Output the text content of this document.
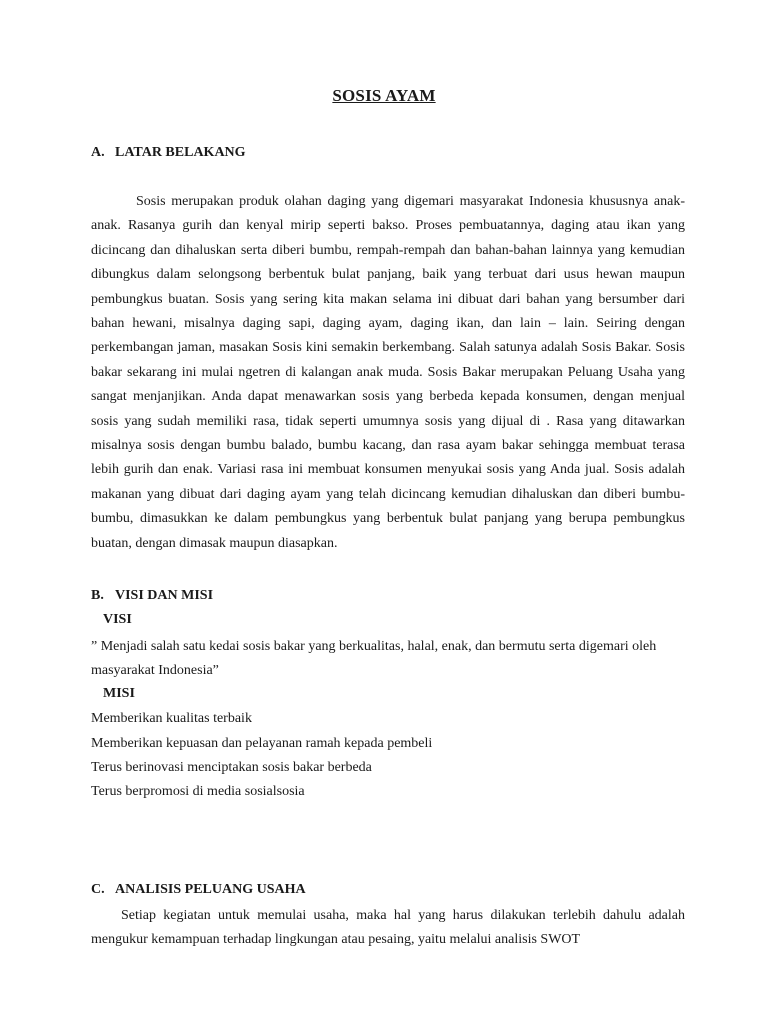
SOSIS AYAM
A. LATAR BELAKANG

Sosis merupakan produk olahan daging yang digemari masyarakat Indonesia khususnya anak-anak. Rasanya gurih dan kenyal mirip seperti bakso. Proses pembuatannya, daging atau ikan yang dicincang dan dihaluskan serta diberi bumbu, rempah-rempah dan bahan-bahan lainnya yang kemudian dibungkus dalam selongsong berbentuk bulat panjang, baik yang terbuat dari usus hewan maupun pembungkus buatan. Sosis yang sering kita makan selama ini dibuat dari bahan yang bersumber dari bahan hewani, misalnya daging sapi, daging ayam, daging ikan, dan lain – lain. Seiring dengan perkembangan jaman, masakan Sosis kini semakin berkembang. Salah satunya adalah Sosis Bakar. Sosis bakar sekarang ini mulai ngetren di kalangan anak muda. Sosis Bakar merupakan Peluang Usaha yang sangat menjanjikan. Anda dapat menawarkan sosis yang berbeda kepada konsumen, dengan menjual sosis yang sudah memiliki rasa, tidak seperti umumnya sosis yang dijual di . Rasa yang ditawarkan misalnya sosis dengan bumbu balado, bumbu kacang, dan rasa ayam bakar sehingga membuat terasa lebih gurih dan enak. Variasi rasa ini membuat konsumen menyukai sosis yang Anda jual. Sosis adalah makanan yang dibuat dari daging ayam yang telah dicincang kemudian dihaluskan dan diberi bumbu-bumbu, dimasukkan ke dalam pembungkus yang berbentuk bulat panjang yang berupa pembungkus buatan, dengan dimasak maupun diasapkan.

B. VISI DAN MISI
VISI

” Menjadi salah satu kedai sosis bakar yang berkualitas, halal, enak, dan bermutu serta digemari oleh masyarakat Indonesia”

MISI

Memberikan kualitas terbaik

Memberikan kepuasan dan pelayanan ramah kepada pembeli

Terus berinovasi menciptakan sosis bakar berbeda

Terus berpromosi di media sosialsosia

C. ANALISIS PELUANG USAHA

Setiap kegiatan untuk memulai usaha, maka hal yang harus dilakukan terlebih dahulu adalah mengukur kemampuan terhadap lingkungan atau pesaing, yaitu melalui analisis SWOT
